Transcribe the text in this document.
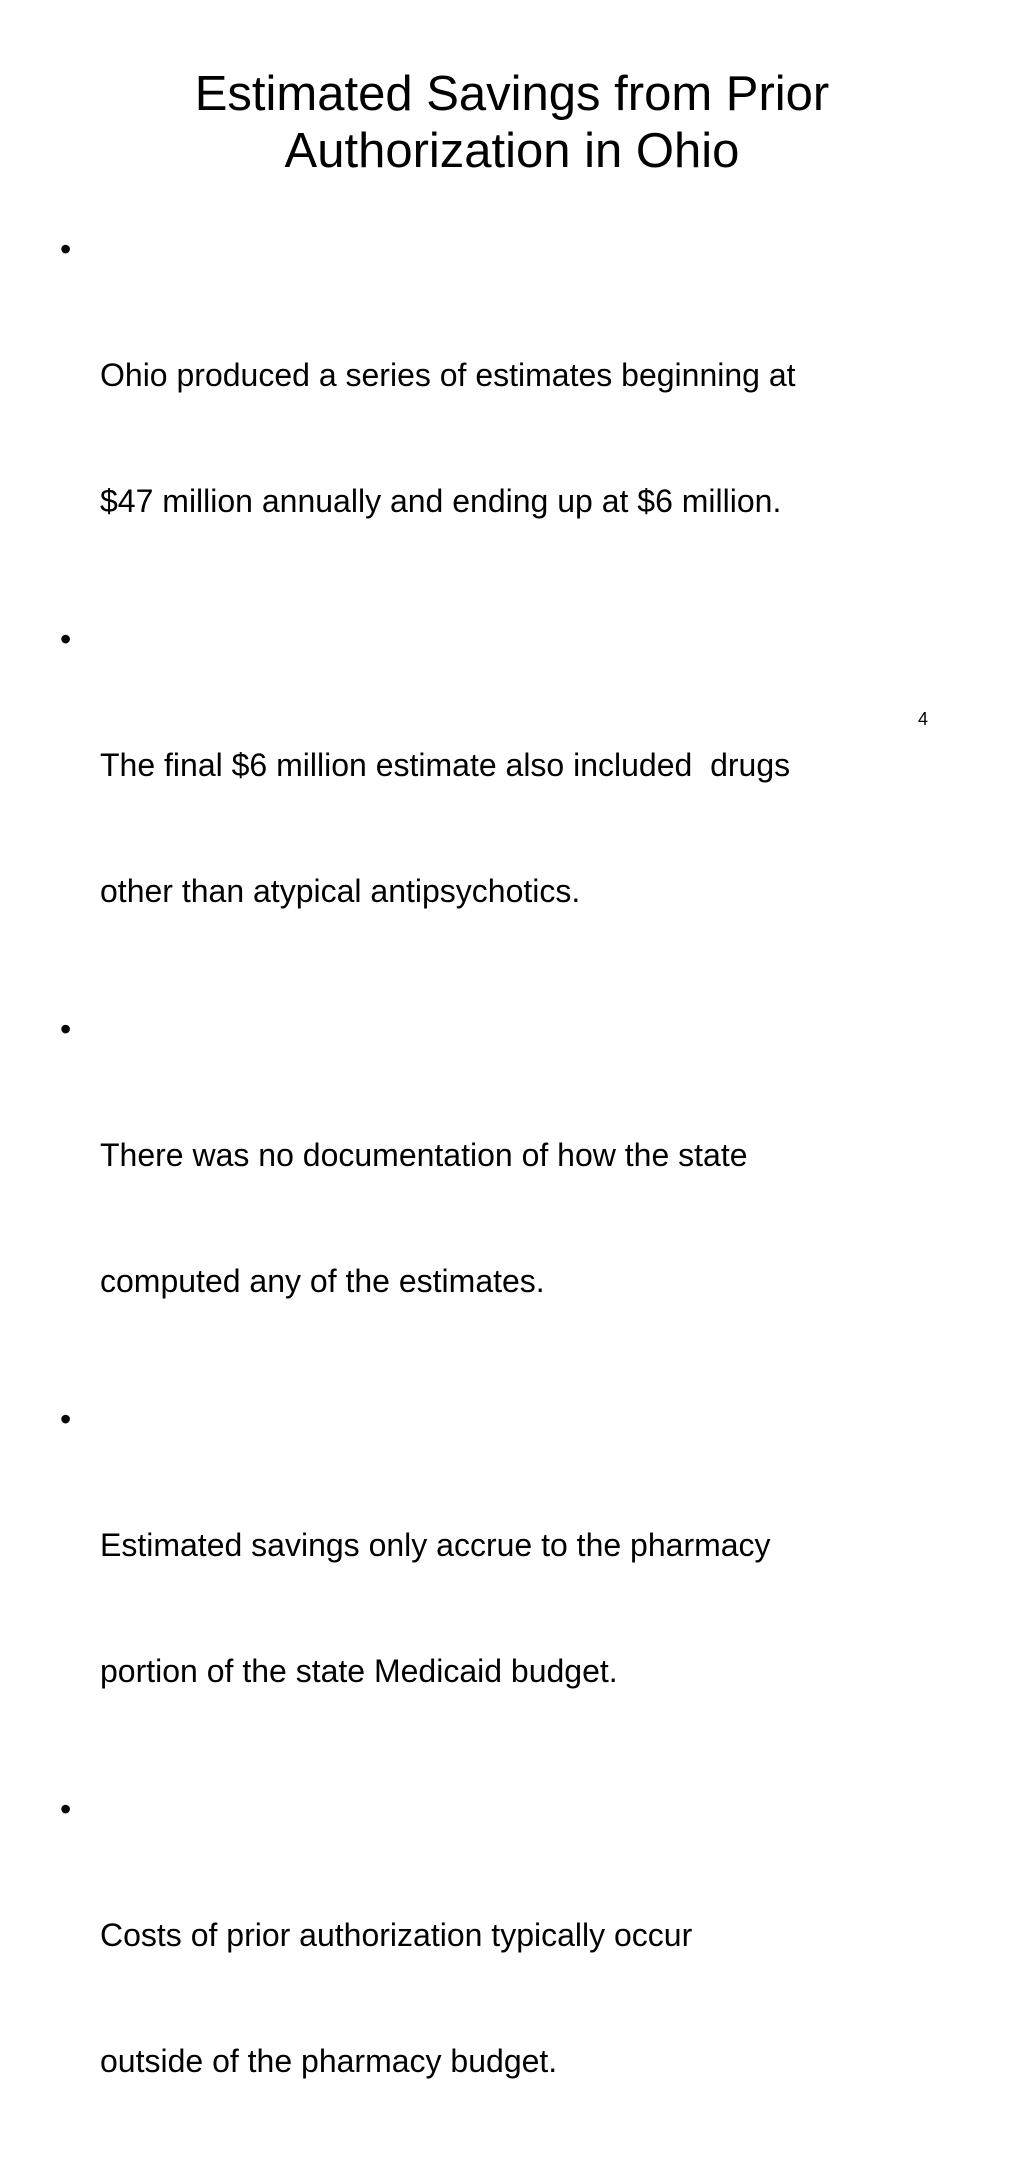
Estimated Savings from Prior
Authorization in Ohio

•

Ohio produced a series of estimates beginning at

$47 million annually and ending up at $6 million.

•

The final $6 million estimate also included  drugs

other than atypical antipsychotics.

•

There was no documentation of how the state

computed any of the estimates.

•

Estimated savings only accrue to the pharmacy

portion of the state Medicaid budget.

•

Costs of prior authorization typically occur

outside of the pharmacy budget.

4
